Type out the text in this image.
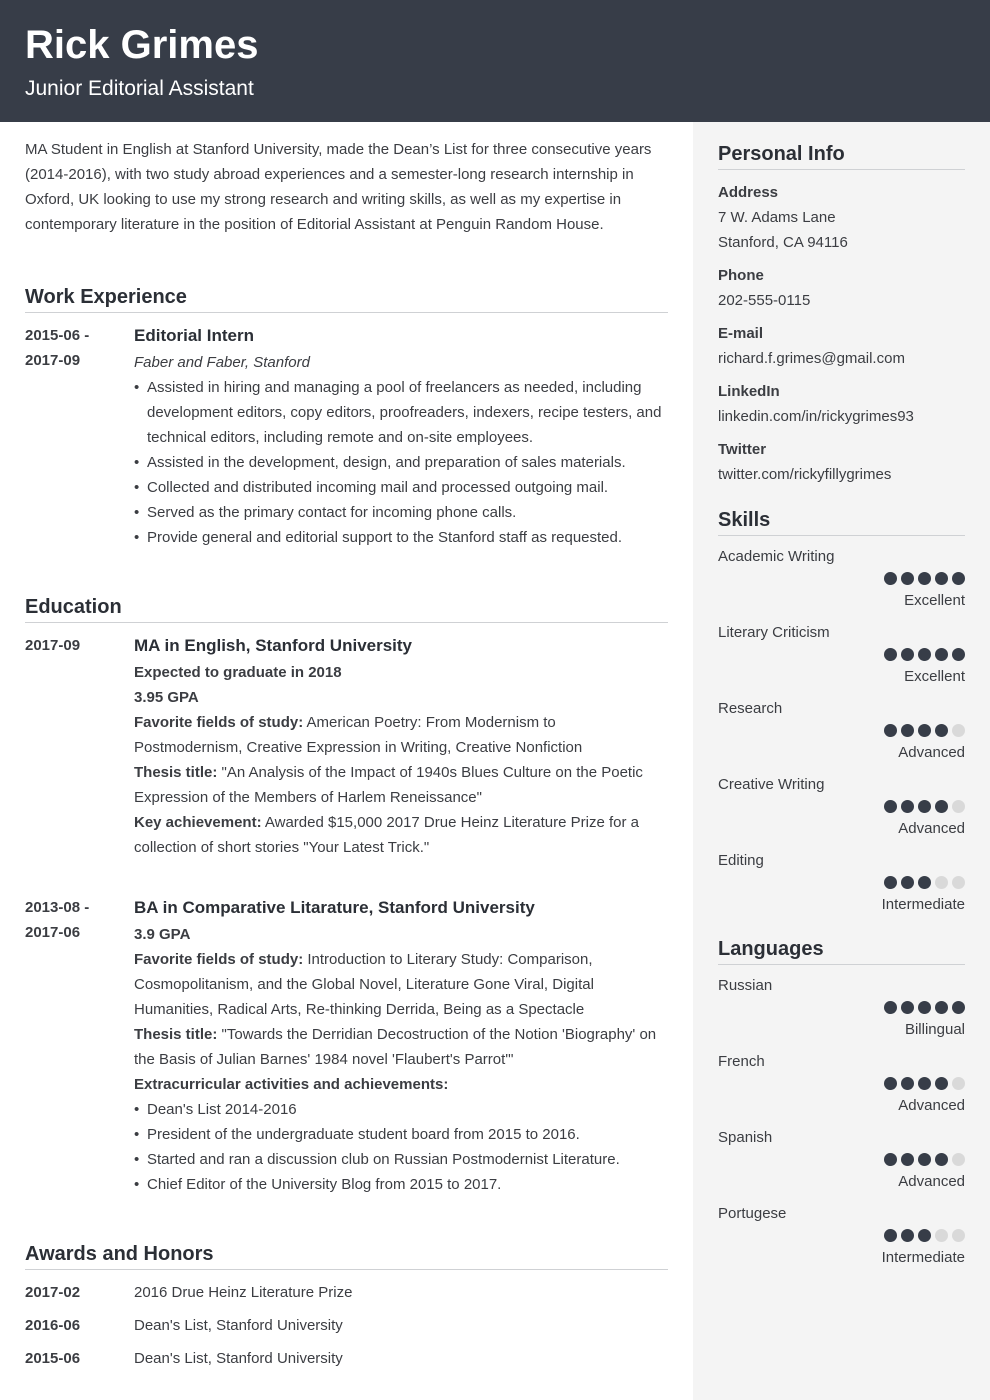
Rick Grimes
Junior Editorial Assistant

MA Student in English at Stanford University, made the Dean’s List for three consecutive years (2014-2016), with two study abroad experiences and a semester-long research internship in Oxford, UK looking to use my strong research and writing skills, as well as my expertise in contemporary literature in the position of Editorial Assistant at Penguin Random House.

Work Experience
2015-06 -
2017-09
Editorial Intern
Faber and Faber, Stanford
• Assisted in hiring and managing a pool of freelancers as needed, including development editors, copy editors, proofreaders, indexers, recipe testers, and technical editors, including remote and on-site employees.
• Assisted in the development, design, and preparation of sales materials.
• Collected and distributed incoming mail and processed outgoing mail.
• Served as the primary contact for incoming phone calls.
• Provide general and editorial support to the Stanford staff as requested.
Education
2017-09	MA in English, Stanford University
Expected to graduate in 2018
3.95 GPA
Favorite fields of study: American Poetry: From Modernism to Postmodernism, Creative Expression in Writing, Creative Nonfiction
Thesis title: "An Analysis of the Impact of 1940s Blues Culture on the Poetic Expression of the Members of Harlem Reneissance"
Key achievement: Awarded $15,000 2017 Drue Heinz Literature Prize for a collection of short stories "Your Latest Trick."
2013-08 -
2017-06
BA in Comparative Litarature, Stanford University
3.9 GPA
Favorite fields of study: Introduction to Literary Study: Comparison, Cosmopolitanism, and the Global Novel, Literature Gone Viral, Digital Humanities, Radical Arts, Re-thinking Derrida, Being as a Spectacle
Thesis title: "Towards the Derridian Decostruction of the Notion 'Biography' on the Basis of Julian Barnes' 1984 novel 'Flaubert's Parrot'"
Extracurricular activities and achievements:
• Dean's List 2014-2016
• President of the undergraduate student board from 2015 to 2016.
• Started and ran a discussion club on Russian Postmodernist Literature.
• Chief Editor of the University Blog from 2015 to 2017.
Awards and Honors
2017-02	2016 Drue Heinz Literature Prize
2016-06	Dean's List, Stanford University
2015-06	Dean's List, Stanford University
Personal Info
Address
7 W. Adams Lane
Stanford, CA 94116
Phone
202-555-0115
E-mail
richard.f.grimes@gmail.com
LinkedIn
linkedin.com/in/rickygrimes93
Twitter
twitter.com/rickyfillygrimes
Skills
Academic Writing
Excellent
Literary Criticism
Excellent
Research
Advanced
Creative Writing
Advanced
Editing
Intermediate
Languages
Russian
Billingual
French
Advanced
Spanish
Advanced
Portugese
Intermediate
